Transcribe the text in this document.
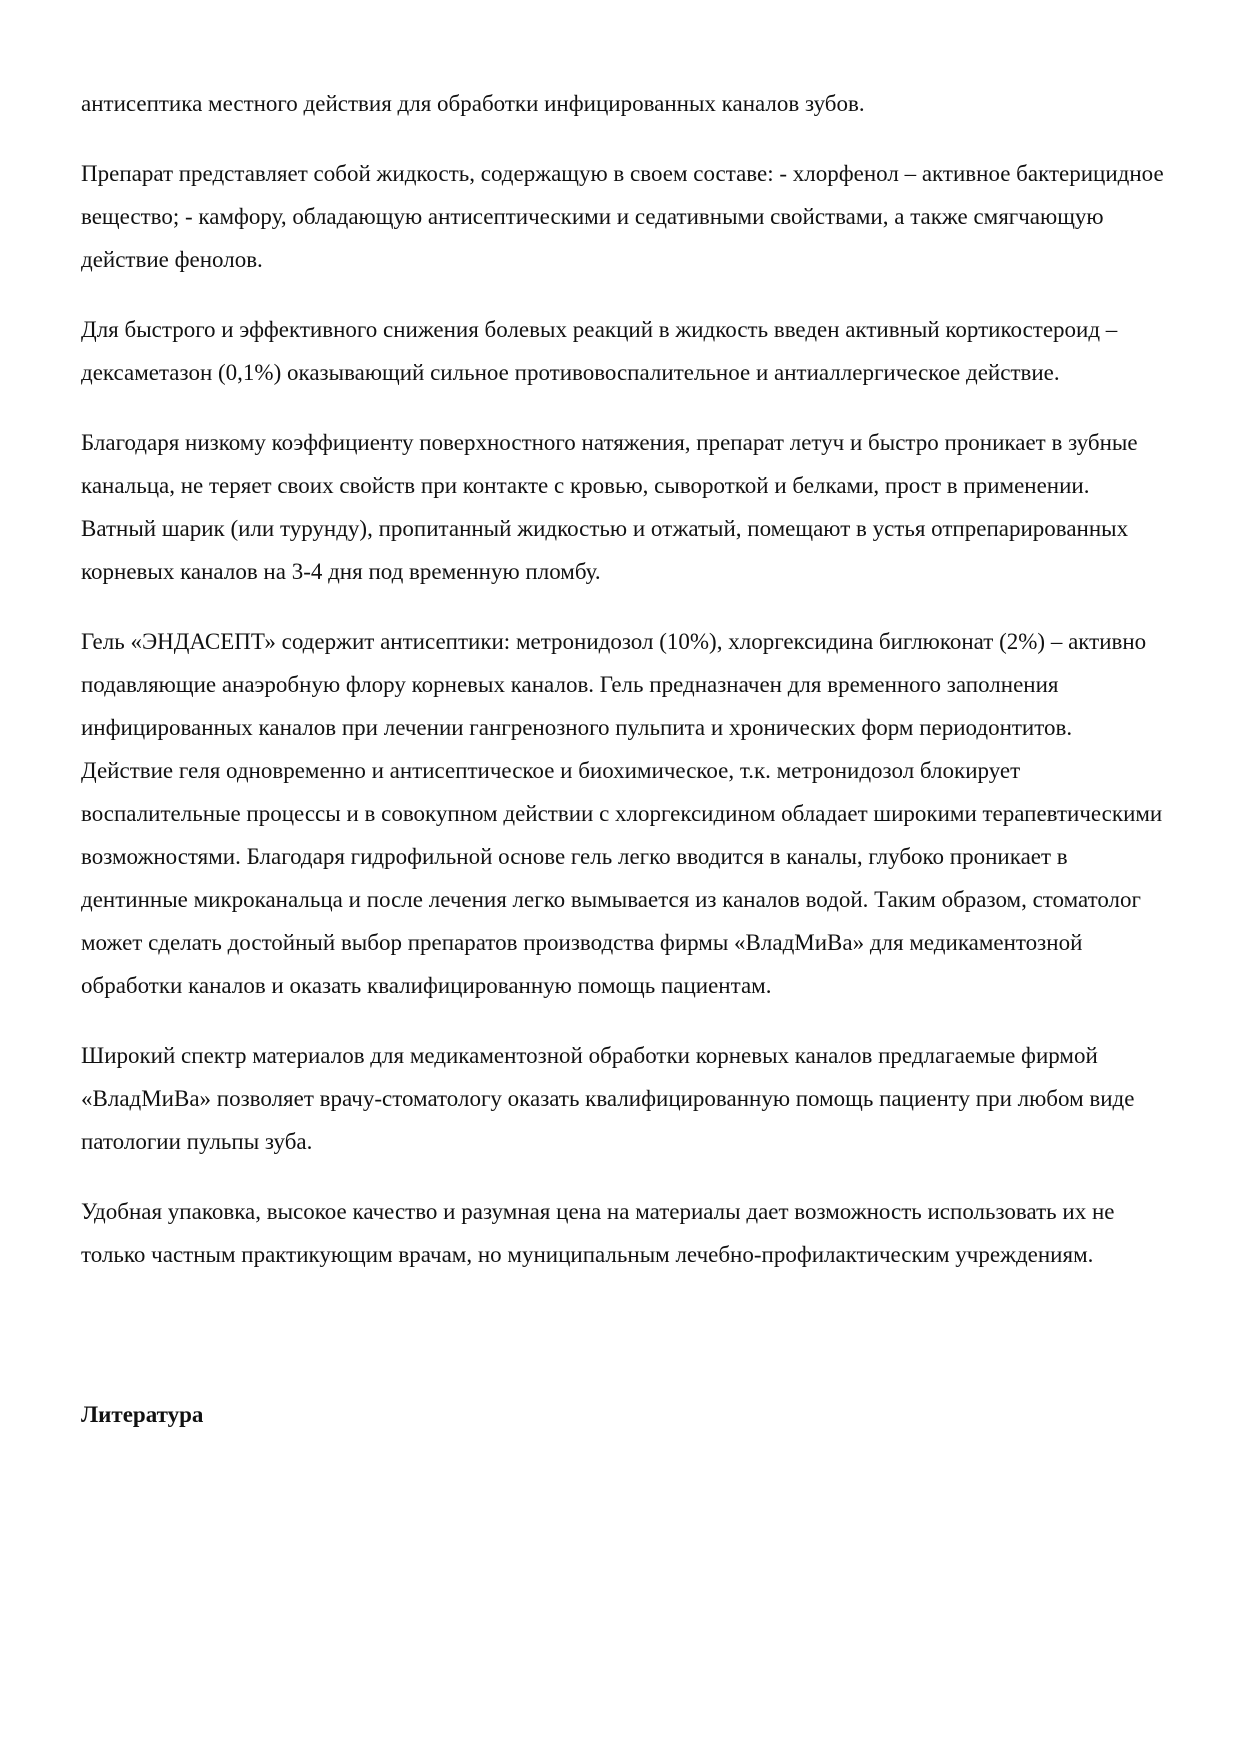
антисептика местного действия для обработки инфицированных каналов зубов.

Препарат представляет собой жидкость, содержащую в своем составе: - хлорфенол – активное бактерицидное вещество; - камфору, обладающую антисептическими и седативными свойствами, а также смягчающую действие фенолов.

Для быстрого и эффективного снижения болевых реакций в жидкость введен активный кортикостероид – дексаметазон (0,1%) оказывающий сильное противовоспалительное и антиаллергическое действие.

Благодаря низкому коэффициенту поверхностного натяжения, препарат летуч и быстро проникает в зубные канальца, не теряет своих свойств при контакте с кровью, сывороткой и белками, прост в применении. Ватный шарик (или турунду), пропитанный жидкостью и отжатый, помещают в устья отпрепарированных корневых каналов на 3-4 дня под временную пломбу.

Гель «ЭНДАСЕПТ» содержит антисептики: метронидозол (10%), хлоргексидина биглюконат (2%) – активно подавляющие анаэробную флору корневых каналов. Гель предназначен для временного заполнения инфицированных каналов при лечении гангренозного пульпита и хронических форм периодонтитов. Действие геля одновременно и антисептическое и биохимическое, т.к. метронидозол блокирует воспалительные процессы и в совокупном действии с хлоргексидином обладает широкими терапевтическими возможностями. Благодаря гидрофильной основе гель легко вводится в каналы, глубоко проникает в дентинные микроканальца и после лечения легко вымывается из каналов водой. Таким образом, стоматолог может сделать достойный выбор препаратов производства фирмы «ВладМиВа» для медикаментозной обработки каналов и оказать квалифицированную помощь пациентам.

Широкий спектр материалов для медикаментозной обработки корневых каналов предлагаемые фирмой «ВладМиВа» позволяет врачу-стоматологу оказать квалифицированную помощь пациенту при любом виде патологии пульпы зуба.

Удобная упаковка, высокое качество и разумная цена на материалы дает возможность использовать их не только частным практикующим врачам, но муниципальным лечебно-профилактическим учреждениям.

Литература
